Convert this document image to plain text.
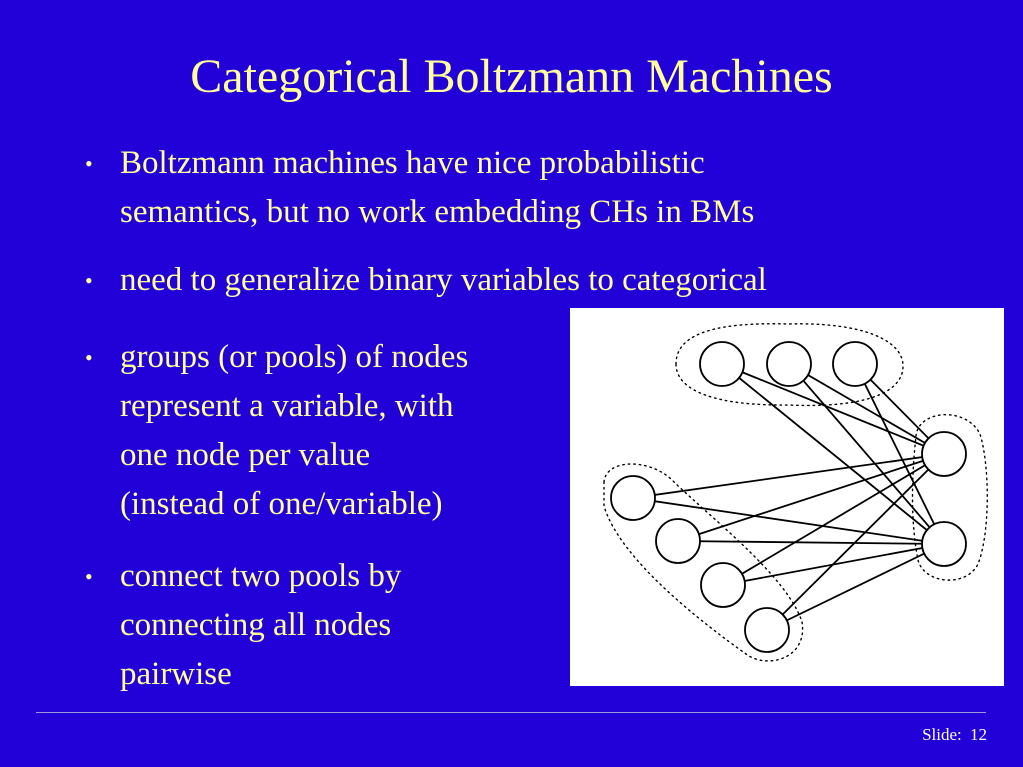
Categorical Boltzmann Machines
• Boltzmann machines have nice probabilistic
semantics, but no work embedding CHs in BMs
• need to generalize binary variables to categorical
• groups (or pools) of nodes
represent a variable, with
one node per value
(instead of one/variable)
• connect two pools by
connecting all nodes
pairwise
Slide: 12
